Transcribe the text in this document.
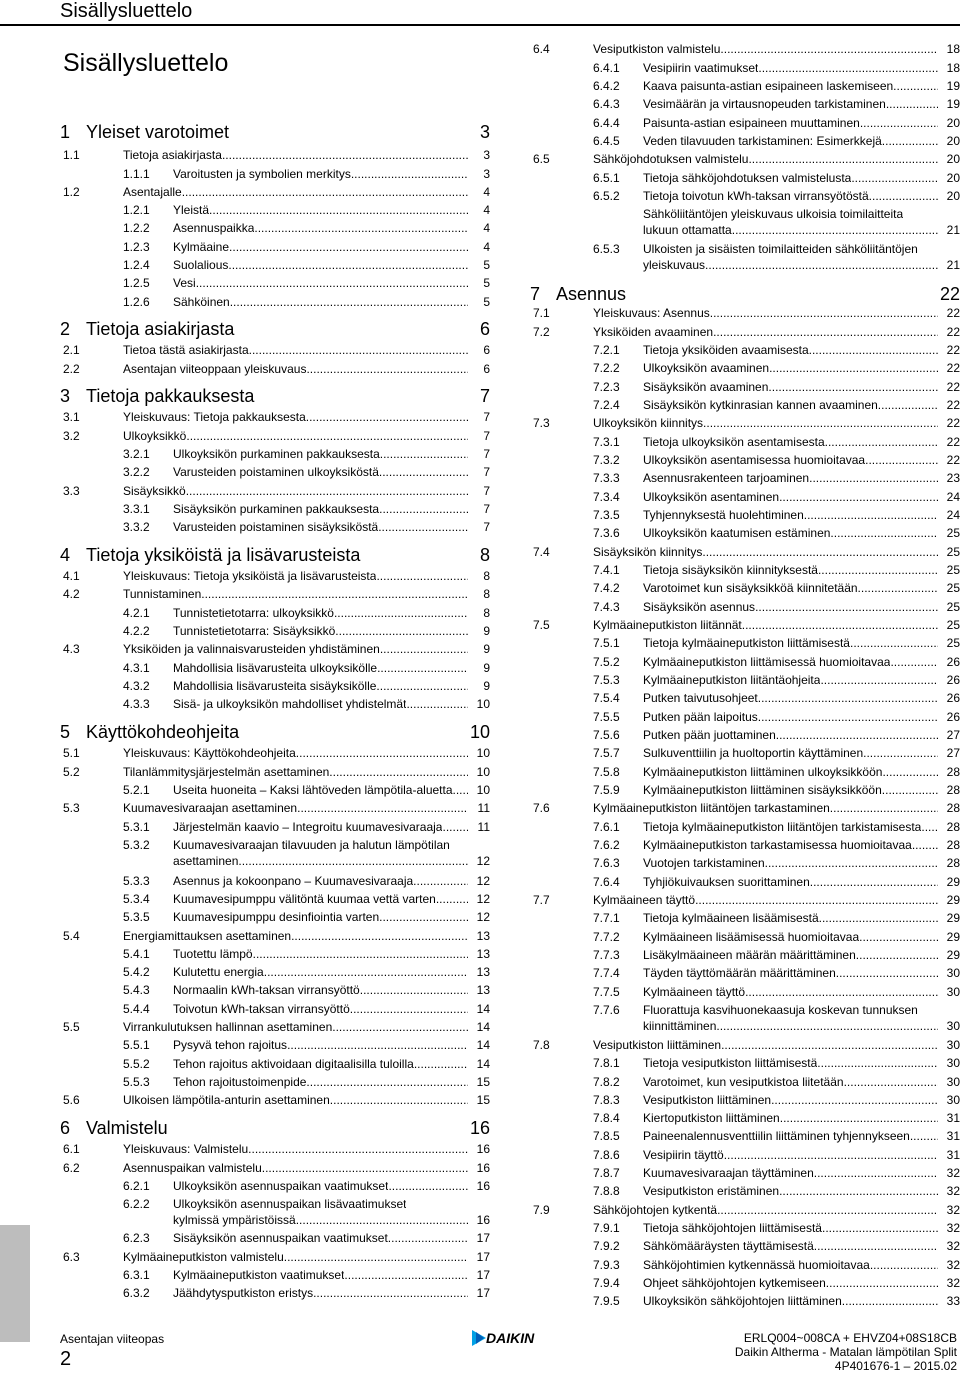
Sisällysluettelo
Sisällysluettelo
1 Yleiset varotoimet	3
1.1	Tietoja asiakirjasta .....	3
1.1.1 Varoitusten ja symbolien merkitys .....	3
1.2	Asentajalle .....	4
1.2.1 Yleistä .....	4
1.2.2 Asennuspaikka .....	4
1.2.3 Kylmäaine .....	4
1.2.4 Suolalious .....	5
1.2.5 Vesi .....	5
1.2.6 Sähköinen .....	5
2 Tietoja asiakirjasta	6
2.1	Tietoa tästä asiakirjasta .....	6
2.2	Asentajan viiteoppaan yleiskuvaus .....	6
3 Tietoja pakkauksesta	7
3.1	Yleiskuvaus: Tietoja pakkauksesta .....	7
3.2	Ulkoyksikkö .....	7
3.2.1 Ulkoyksikön purkaminen pakkauksesta .....	7
3.2.2 Varusteiden poistaminen ulkoyksiköstä .....	7
3.3	Sisäyksikkö .....	7
3.3.1 Sisäyksikön purkaminen pakkauksesta .....	7
3.3.2 Varusteiden poistaminen sisäyksiköstä .....	7
4 Tietoja yksiköistä ja lisävarusteista	8
4.1	Yleiskuvaus: Tietoja yksiköistä ja lisävarusteista .....	8
4.2	Tunnistaminen .....	8
4.2.1 Tunnistetietotarra: ulkoyksikkö .....	8
4.2.2 Tunnistetietotarra: Sisäyksikkö .....	9
4.3	Yksiköiden ja valinnaisvarusteiden yhdistäminen .....	9
4.3.1 Mahdollisia lisävarusteita ulkoyksikölle .....	9
4.3.2 Mahdollisia lisävarusteita sisäyksikölle .....	9
4.3.3 Sisä- ja ulkoyksikön mahdolliset yhdistelmät .....	10
5 Käyttökohdeohjeita	10
5.1	Yleiskuvaus: Käyttökohdeohjeita .....	10
5.2	Tilanlämmitysjärjestelmän asettaminen .....	10
5.2.1 Useita huoneita – Kaksi lähtöveden lämpötila-aluetta ..... 10
5.3	Kuumavesivaraajan asettaminen .....	11
5.3.1 Järjestelmän kaavio – Integroitu kuumavesivaraaja .....	11
5.3.2 Kuumavesivaraajan tilavuuden ja halutun lämpötilan
asettaminen .....	12
5.3.3 Asennus ja kokoonpano – Kuumavesivaraaja .....	12
5.3.4 Kuumavesipumppu välitöntä kuumaa vettä varten .....	12
5.3.5 Kuumavesipumppu desinfiointia varten .....	12
5.4	Energiamittauksen asettaminen .....	13
5.4.1 Tuotettu lämpö .....	13
5.4.2 Kulutettu energia .....	13
5.4.3 Normaalin kWh-taksan virransyöttö .....	13
5.4.4 Toivotun kWh-taksan virransyöttö .....	14
5.5	Virrankulutuksen hallinnan asettaminen .....	14
5.5.1 Pysyvä tehon rajoitus .....	14
5.5.2 Tehon rajoitus aktivoidaan digitaalisilla tuloilla .....	14
5.5.3 Tehon rajoitustoimenpide .....	15
5.6	Ulkoisen lämpötila-anturin asettaminen .....	15
6 Valmistelu	16
6.1	Yleiskuvaus: Valmistelu .....	16
6.2	Asennuspaikan valmistelu .....	16
6.2.1 Ulkoyksikön asennuspaikan vaatimukset .....	16
6.2.2 Ulkoyksikön asennuspaikan lisävaatimukset
kylmissä ympäristöissä .....	16
6.2.3 Sisäyksikön asennuspaikan vaatimukset .....	17
6.3	Kylmäaineputkiston valmistelu .....	17
6.3.1 Kylmäaineputkiston vaatimukset .....	17
6.3.2 Jäähdytysputkiston eristys .....	17
6.4	Vesiputkiston valmistelu .....	18
6.4.1 Vesipiirin vaatimukset .....	18
6.4.2 Kaava paisunta-astian esipaineen laskemiseen .....	19
6.4.3 Vesimäärän ja virtausnopeuden tarkistaminen .....	19
6.4.4 Paisunta-astian esipaineen muuttaminen .....	20
6.4.5 Veden tilavuuden tarkistaminen: Esimerkkejä .....	20
6.5	Sähköjohdotuksen valmistelu .....	20
6.5.1 Tietoja sähköjohdotuksen valmistelusta .....	20
6.5.2 Tietoja toivotun kWh-taksan virransyötöstä .....	20
Sähköliitäntöjen yleiskuvaus ulkoisia toimilaitteita
lukuun ottamatta .....	21
6.5.3 Ulkoisten ja sisäisten toimilaitteiden sähköliitäntöjen
yleiskuvaus .....	21
7 Asennus	22
7.1	Yleiskuvaus: Asennus .....	22
7.2	Yksiköiden avaaminen .....	22
7.2.1 Tietoja yksiköiden avaamisesta .....	22
7.2.2 Ulkoyksikön avaaminen .....	22
7.2.3 Sisäyksikön avaaminen .....	22
7.2.4 Sisäyksikön kytkinrasian kannen avaaminen .....	22
7.3	Ulkoyksikön kiinnitys .....	22
7.3.1 Tietoja ulkoyksikön asentamisesta .....	22
7.3.2 Ulkoyksikön asentamisessa huomioitavaa .....	22
7.3.3 Asennusrakenteen tarjoaminen .....	23
7.3.4 Ulkoyksikön asentaminen .....	24
7.3.5 Tyhjennyksestä huolehtiminen .....	24
7.3.6 Ulkoyksikön kaatumisen estäminen .....	25
7.4	Sisäyksikön kiinnitys .....	25
7.4.1 Tietoja sisäyksikön kiinnityksestä .....	25
7.4.2 Varotoimet kun sisäyksikköä kiinnitetään .....	25
7.4.3 Sisäyksikön asennus .....	25
7.5	Kylmäaineputkiston liitännät .....	25
7.5.1 Tietoja kylmäaineputkiston liittämisestä .....	25
7.5.2 Kylmäaineputkiston liittämisessä huomioitavaa .....	26
7.5.3 Kylmäaineputkiston liitäntäohjeita .....	26
7.5.4 Putken taivutusohjeet .....	26
7.5.5 Putken pään laipoitus .....	26
7.5.6 Putken pään juottaminen .....	27
7.5.7 Sulkuventtiilin ja huoltoportin käyttäminen .....	27
7.5.8 Kylmäaineputkiston liittäminen ulkoyksikköön .....	28
7.5.9 Kylmäaineputkiston liittäminen sisäyksikköön .....	28
7.6	Kylmäaineputkiston liitäntöjen tarkastaminen .....	28
7.6.1 Tietoja kylmäaineputkiston liitäntöjen tarkistamisesta ..... 28
7.6.2 Kylmäaineputkiston tarkastamisessa huomioitavaa .....	28
7.6.3 Vuotojen tarkistaminen .....	28
7.6.4 Tyhjiökuivauksen suorittaminen .....	29
7.7	Kylmäaineen täyttö .....	29
7.7.1 Tietoja kylmäaineen lisäämisestä .....	29
7.7.2 Kylmäaineen lisäämisessä huomioitavaa .....	29
7.7.3 Lisäkylmäaineen määrän määrittäminen .....	29
7.7.4 Täyden täyttömäärän määrittäminen .....	30
7.7.5 Kylmäaineen täyttö .....	30
7.7.6 Fluorattuja kasvihuonekaasuja koskevan tunnuksen
kiinnittäminen .....	30
7.8	Vesiputkiston liittäminen .....	30
7.8.1 Tietoja vesiputkiston liittämisestä .....	30
7.8.2 Varotoimet, kun vesiputkistoa liitetään .....	30
7.8.3 Vesiputkiston liittäminen .....	30
7.8.4 Kiertoputkiston liittäminen .....	31
7.8.5 Paineenalennusventtiilin liittäminen tyhjennykseen .....	31
7.8.6 Vesipiirin täyttö .....	31
7.8.7 Kuumavesivaraajan täyttäminen .....	32
7.8.8 Vesiputkiston eristäminen .....	32
7.9	Sähköjohtojen kytkentä .....	32
7.9.1 Tietoja sähköjohtojen liittämisestä .....	32
7.9.2 Sähkömääräysten täyttämisestä .....	32
7.9.3 Sähköjohtimien kytkennässä huomioitavaa .....	32
7.9.4 Ohjeet sähköjohtojen kytkemiseen .....	32
7.9.5 Ulkoyksikön sähköjohtojen liittäminen .....	33
Asentajan viiteopas
2
DAIKIN	ERLQ004~008CA + EHVZ04+08S18CB
Daikin Altherma - Matalan lämpötilan Split
4P401676-1 – 2015.02
